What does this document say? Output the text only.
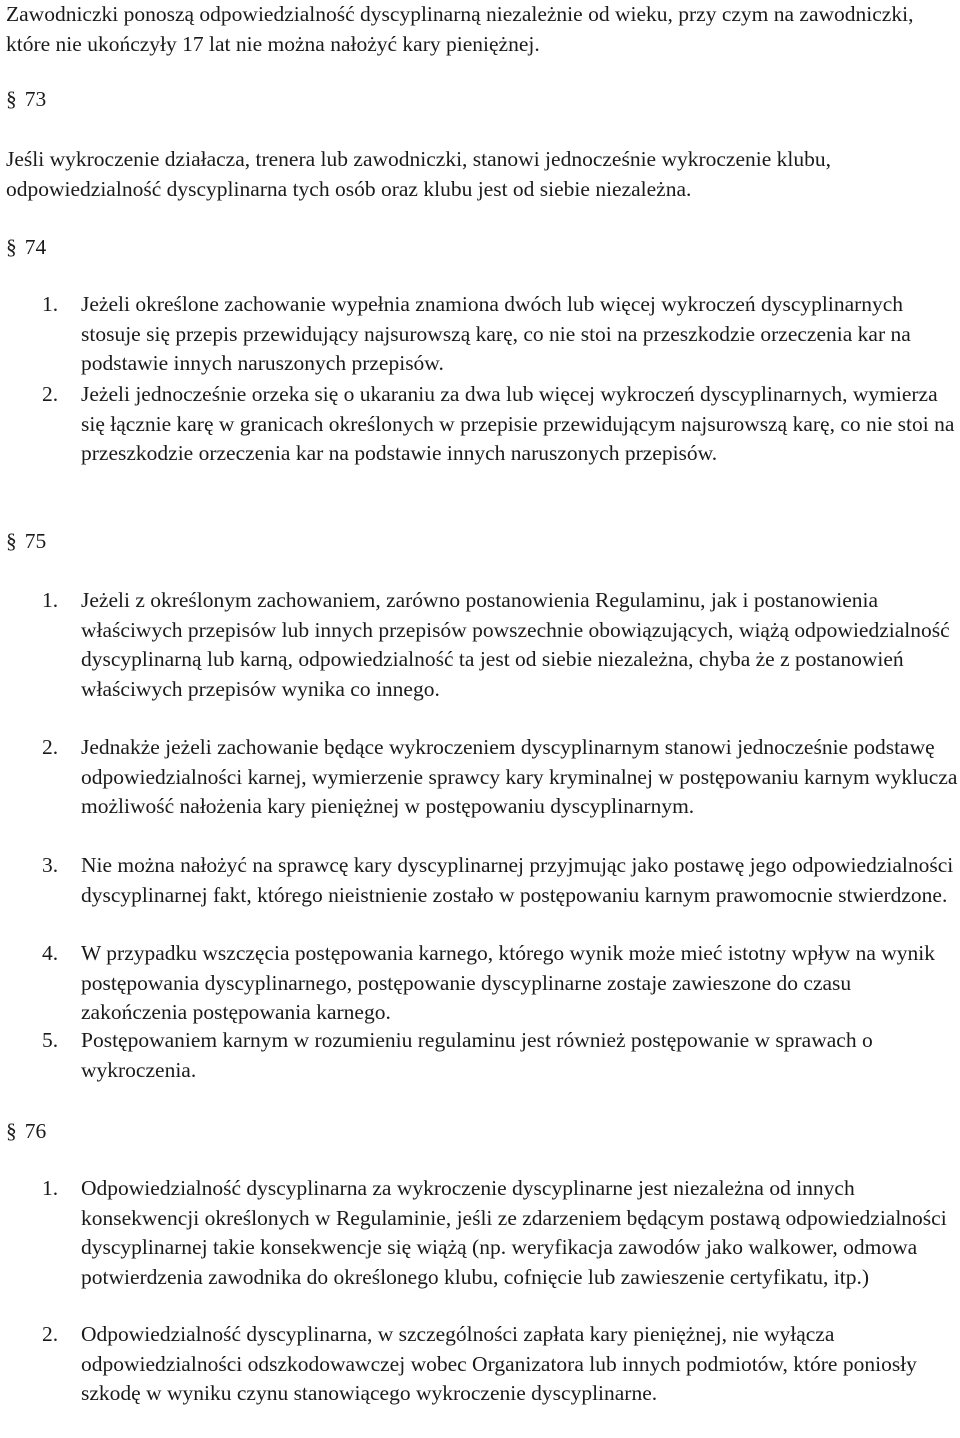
Zawodniczki ponoszą odpowiedzialność dyscyplinarną niezależnie od wieku, przy czym na zawodniczki, które nie ukończyły 17 lat nie można nałożyć kary pieniężnej.

§ 73

Jeśli wykroczenie działacza, trenera lub zawodniczki, stanowi jednocześnie wykroczenie klubu, odpowiedzialność dyscyplinarna tych osób oraz klubu jest od siebie niezależna.

§ 74
1.	Jeżeli określone zachowanie wypełnia znamiona dwóch lub więcej wykroczeń dyscyplinarnych stosuje się przepis przewidujący najsurowszą karę, co nie stoi na przeszkodzie orzeczenia kar na podstawie innych naruszonych przepisów.
2.	Jeżeli jednocześnie orzeka się o ukaraniu za dwa lub więcej wykroczeń dyscyplinarnych, wymierza się łącznie karę w granicach określonych w przepisie przewidującym najsurowszą karę, co nie stoi na przeszkodzie orzeczenia kar na podstawie innych naruszonych przepisów.
§ 75
1.	Jeżeli z określonym zachowaniem, zarówno postanowienia Regulaminu, jak i postanowienia właściwych przepisów lub innych przepisów powszechnie obowiązujących, wiążą odpowiedzialność dyscyplinarną lub karną, odpowiedzialność ta jest od siebie niezależna, chyba że z postanowień właściwych przepisów wynika co innego.
2.	Jednakże jeżeli zachowanie będące wykroczeniem dyscyplinarnym stanowi jednocześnie podstawę odpowiedzialności karnej, wymierzenie sprawcy kary kryminalnej w postępowaniu karnym wyklucza możliwość nałożenia kary pieniężnej w postępowaniu dyscyplinarnym.
3.	Nie można nałożyć na sprawcę kary dyscyplinarnej przyjmując jako postawę jego odpowiedzialności dyscyplinarnej fakt, którego nieistnienie zostało w postępowaniu karnym prawomocnie stwierdzone.
4.	W przypadku wszczęcia postępowania karnego, którego wynik może mieć istotny wpływ na wynik postępowania dyscyplinarnego, postępowanie dyscyplinarne zostaje zawieszone do czasu zakończenia postępowania karnego.
5.	Postępowaniem karnym w rozumieniu regulaminu jest również postępowanie w sprawach o wykroczenia.
§ 76
1.	Odpowiedzialność dyscyplinarna za wykroczenie dyscyplinarne jest niezależna od innych konsekwencji określonych w Regulaminie, jeśli ze zdarzeniem będącym postawą odpowiedzialności dyscyplinarnej takie konsekwencje się wiążą (np. weryfikacja zawodów jako walkower, odmowa potwierdzenia zawodnika do określonego klubu, cofnięcie lub zawieszenie certyfikatu, itp.)
2.	Odpowiedzialność dyscyplinarna, w szczególności zapłata kary pieniężnej, nie wyłącza odpowiedzialności odszkodowawczej wobec Organizatora lub innych podmiotów, które poniosły szkodę w wyniku czynu stanowiącego wykroczenie dyscyplinarne.
